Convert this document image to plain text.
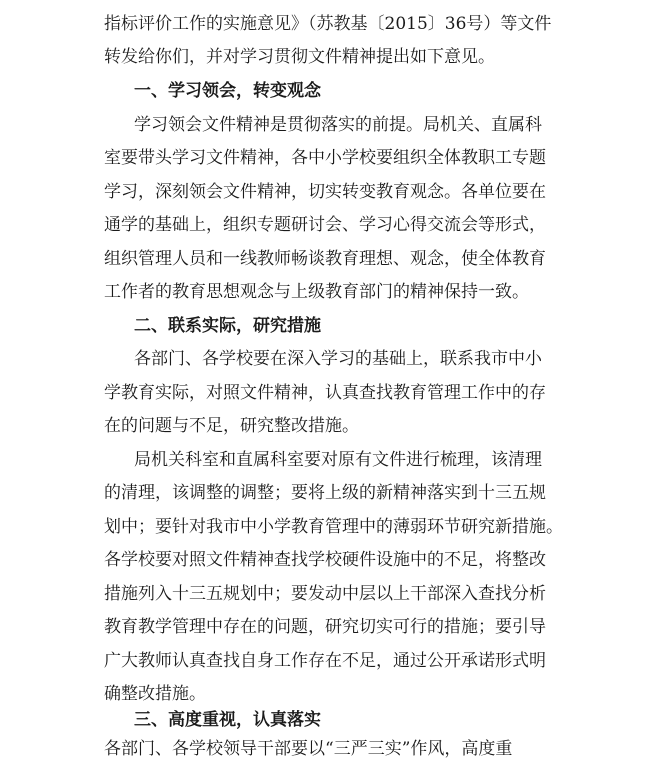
指标评价工作的实施意见》（苏教基〔2015〕36号）等文件
转发给你们，并对学习贯彻文件精神提出如下意见。
一、学习领会，转变观念
学习领会文件精神是贯彻落实的前提。局机关、直属科
室要带头学习文件精神，各中小学校要组织全体教职工专题
学习，深刻领会文件精神，切实转变教育观念。各单位要在
通学的基础上，组织专题研讨会、学习心得交流会等形式，
组织管理人员和一线教师畅谈教育理想、观念，使全体教育
工作者的教育思想观念与上级教育部门的精神保持一致。
二、联系实际，研究措施
各部门、各学校要在深入学习的基础上，联系我市中小
学教育实际，对照文件精神，认真查找教育管理工作中的存
在的问题与不足，研究整改措施。
局机关科室和直属科室要对原有文件进行梳理，该清理
的清理，该调整的调整；要将上级的新精神落实到十三五规
划中；要针对我市中小学教育管理中的薄弱环节研究新措施。
各学校要对照文件精神查找学校硬件设施中的不足，将整改
措施列入十三五规划中；要发动中层以上干部深入查找分析
教育教学管理中存在的问题，研究切实可行的措施；要引导
广大教师认真查找自身工作存在不足，通过公开承诺形式明
确整改措施。
三、高度重视，认真落实
各部门、各学校领导干部要以“三严三实”作风，高度重
